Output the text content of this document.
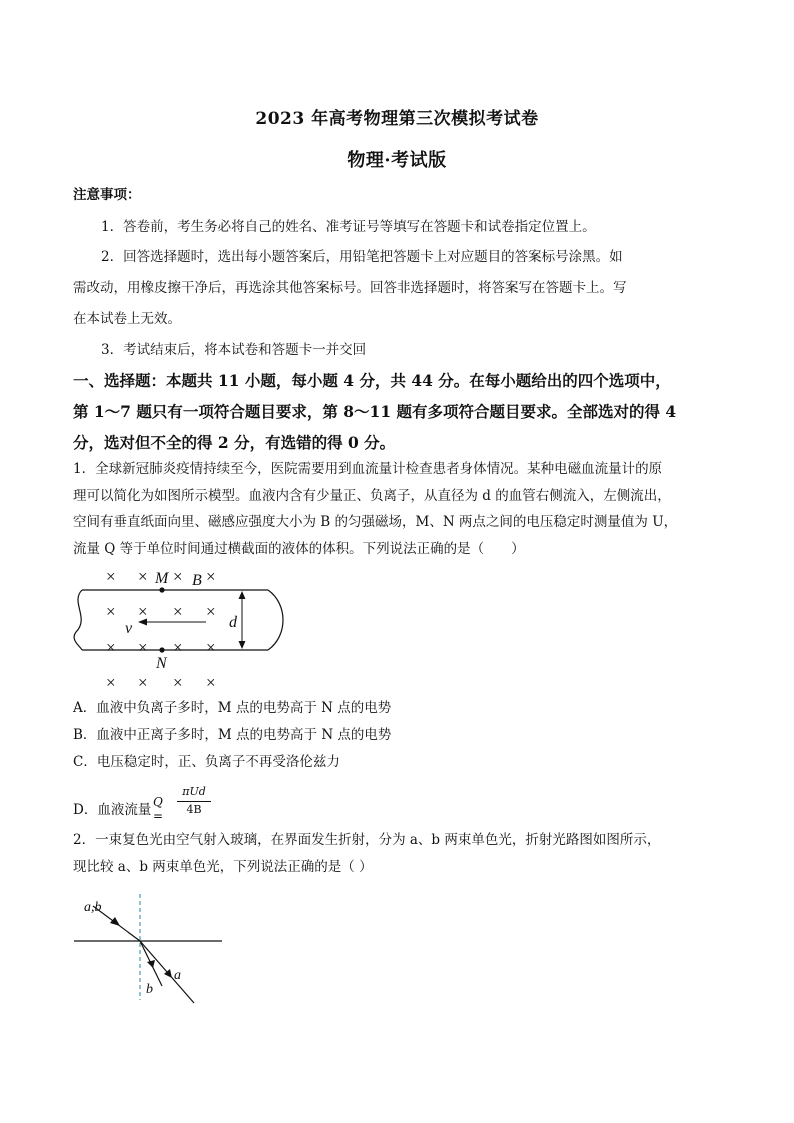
2023 年高考物理第三次模拟考试卷
物理·考试版
注意事项：
1．答卷前，考生务必将自己的姓名、准考证号等填写在答题卡和试卷指定位置上。
2．回答选择题时，选出每小题答案后，用铅笔把答题卡上对应题目的答案标号涂黑。如
需改动，用橡皮擦干净后，再选涂其他答案标号。回答非选择题时，将答案写在答题卡上。写
在本试卷上无效。
3．考试结束后，将本试卷和答题卡一并交回
一、选择题：本题共 11 小题，每小题 4 分，共 44 分。在每小题给出的四个选项中，
第 1～7 题只有一项符合题目要求，第 8～11 题有多项符合题目要求。全部选对的得 4
分，选对但不全的得 2 分，有选错的得 0 分。
1．全球新冠肺炎疫情持续至今，医院需要用到血流量计检查患者身体情况。某种电磁血流量计的原
理可以简化为如图所示模型。血液内含有少量正、负离子，从直径为 d 的血管右侧流入，左侧流出，
空间有垂直纸面向里、磁感应强度大小为 B 的匀强磁场，M、N 两点之间的电压稳定时测量值为 U，
流量 Q 等于单位时间通过横截面的液体的体积。下列说法正确的是（　　）
× × × ×
× × × ×
× × × ×
× × × ×
M B
N
d
v
a,b
a
b
A．血液中负离子多时，M 点的电势高于 N 点的电势
B．血液中正离子多时，M 点的电势高于 N 点的电势
C．电压稳定时，正、负离子不再受洛伦兹力
D．血液流量 Q =
πUd
4B
2．一束复色光由空气射入玻璃，在界面发生折射，分为 a、b 两束单色光，折射光路图如图所示，
现比较 a、b 两束单色光，下列说法正确的是（ ）
